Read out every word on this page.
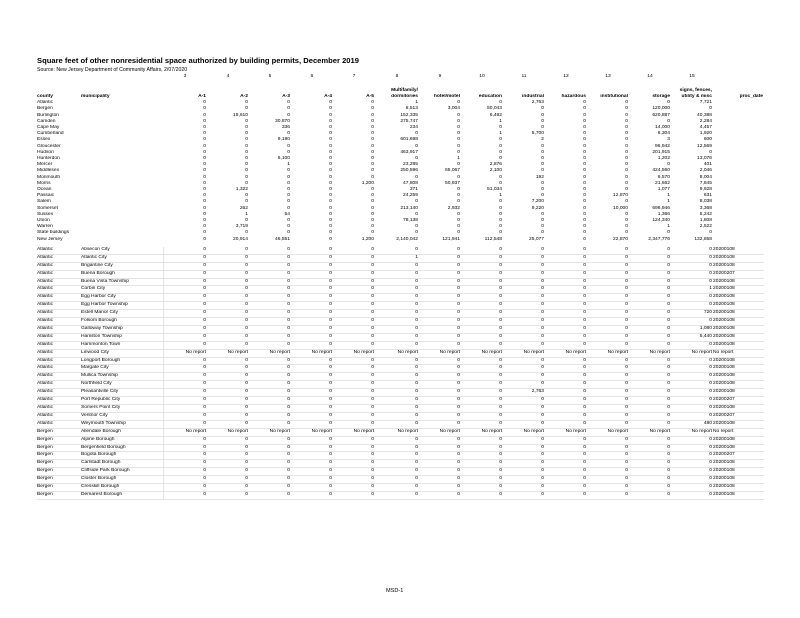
Square feet of other nonresidential space authorized by building permits, December 2019
Source: New Jersey Department of Community Affairs, 2/07/2020
		3	4	5	6	7	8	9	10	11	12	13	14	15	
							Multifamily/							signs, fences,	
county	municipality	A-1	A-2	A-3	A-4	A-5	dormitories	hotel/motel	education	industrial	hazardous	institutional	storage	utility & misc	proc_date
Atlantic		0	0	0	0	0	1	0	0	2,763	0	0	0	7,721	
Bergen		0	0	0	0	0	8,513	3,004	50,043	0	0	0	120,000	0	
Burlington		0	15,610	0	0	0	152,335	0	6,492	0	0	0	620,887	40,388	
Camden		0	0	30,870	0	0	275,747	0	1	0	0	0	0	2,284	
Cape May		0	0	336	0	0	234	0	0	0	0	0	14,000	4,457	
Cumberland		0	0	0	0	0	0	0	1	5,700	0	0	6,304	1,920	
Essex		0	0	9,190	0	0	601,698	0	0	2	0	0	3	600	
Gloucester		0	0	0	0	0	0	0	0	0	0	0	96,942	12,569	
Hudson		0	0	0	0	0	463,917	0	0	0	0	0	201,915	0	
Hunterdon		0	0	6,100	0	0	0	1	0	0	0	0	1,202	13,076	
Mercer		0	0	1	0	0	23,285	0	2,876	0	0	0	0	401	
Middlesex		0	0	0	0	0	250,596	65,067	2,100	0	0	0	424,560	2,046	
Monmouth		0	0	0	0	0	0	0	0	192	0	0	6,570	8,004	
Morris		0	0	0	0	1,200	47,808	50,937	0	0	0	0	21,662	7,845	
Ocean		0	1,322	0	0	0	371	0	51,034	0	0	0	1,077	9,928	
Passaic		0	0	0	0	0	24,259	0	1	0	0	12,870	1	631	
Salem		0	0	0	0	0	0	0	0	7,200	0	0	1	8,038	
Somerset		0	262	0	0	0	213,140	2,932	0	9,220	0	10,000	696,946	3,368	
Sussex		0	1	54	0	0	0	0	0	0	0	0	1,366	5,242	
Union		0	0	0	0	0	78,138	0	0	0	0	0	124,340	1,808	
Warren		0	3,719	0	0	0	0	0	0	0	0	0	1	2,522	
State buildings		0	0	0	0	0	0	0	0	0	0	0	0	0	
New Jersey		0	20,914	46,551	0	1,200	2,140,042	121,941	112,548	25,077	0	22,870	2,347,776	132,858	

Atlantic	Absecon City	0	0	0	0	0	0	0	0	0	0	0	0	0	20200108
Atlantic	Atlantic City	0	0	0	0	0	1	0	0	0	0	0	0	0	20200108
Atlantic	Brigantine City	0	0	0	0	0	0	0	0	0	0	0	0	0	20200108
Atlantic	Buena Borough	0	0	0	0	0	0	0	0	0	0	0	0	0	20200207
Atlantic	Buena Vista Township	0	0	0	0	0	0	0	0	0	0	0	0	0	20200108
Atlantic	Corbin City	0	0	0	0	0	0	0	0	0	0	0	0	1	20200108
Atlantic	Egg Harbor City	0	0	0	0	0	0	0	0	0	0	0	0	0	20200108
Atlantic	Egg Harbor Township	0	0	0	0	0	0	0	0	0	0	0	0	0	20200108
Atlantic	Estell Manor City	0	0	0	0	0	0	0	0	0	0	0	0	720	20200108
Atlantic	Folsom Borough	0	0	0	0	0	0	0	0	0	0	0	0	0	20200108
Atlantic	Galloway Township	0	0	0	0	0	0	0	0	0	0	0	0	1,080	20200108
Atlantic	Hamilton Township	0	0	0	0	0	0	0	0	0	0	0	0	5,440	20200108
Atlantic	Hammonton Town	0	0	0	0	0	0	0	0	0	0	0	0	0	20200108
Atlantic	Linwood City	No report	No report	No report	No report	No report	No report	No report	No report	No report	No report	No report	No report	No report	No report
Atlantic	Longport Borough	0	0	0	0	0	0	0	0	0	0	0	0	0	20200108
Atlantic	Margate City	0	0	0	0	0	0	0	0	0	0	0	0	0	20200108
Atlantic	Mullica Township	0	0	0	0	0	0	0	0	0	0	0	0	0	20200108
Atlantic	Northfield City	0	0	0	0	0	0	0	0	0	0	0	0	0	20200108
Atlantic	Pleasantville City	0	0	0	0	0	0	0	0	2,763	0	0	0	0	20200108
Atlantic	Port Republic City	0	0	0	0	0	0	0	0	0	0	0	0	0	20200207
Atlantic	Somers Point City	0	0	0	0	0	0	0	0	0	0	0	0	0	20200108
Atlantic	Ventnor City	0	0	0	0	0	0	0	0	0	0	0	0	0	20200207
Atlantic	Weymouth Township	0	0	0	0	0	0	0	0	0	0	0	0	480	20200108
Bergen	Allendale Borough	No report	No report	No report	No report	No report	No report	No report	No report	No report	No report	No report	No report	No report	No report
Bergen	Alpine Borough	0	0	0	0	0	0	0	0	0	0	0	0	0	20200108
Bergen	Bergenfield Borough	0	0	0	0	0	0	0	0	0	0	0	0	0	20200108
Bergen	Bogota Borough	0	0	0	0	0	0	0	0	0	0	0	0	0	20200207
Bergen	Carlstadt Borough	0	0	0	0	0	0	0	0	0	0	0	0	0	20200108
Bergen	Cliffside Park Borough	0	0	0	0	0	0	0	0	0	0	0	0	0	20200108
Bergen	Closter Borough	0	0	0	0	0	0	0	0	0	0	0	0	0	20200108
Bergen	Cresskill Borough	0	0	0	0	0	0	0	0	0	0	0	0	0	20200108
Bergen	Demarest Borough	0	0	0	0	0	0	0	0	0	0	0	0	0	20200108
MSD-1
